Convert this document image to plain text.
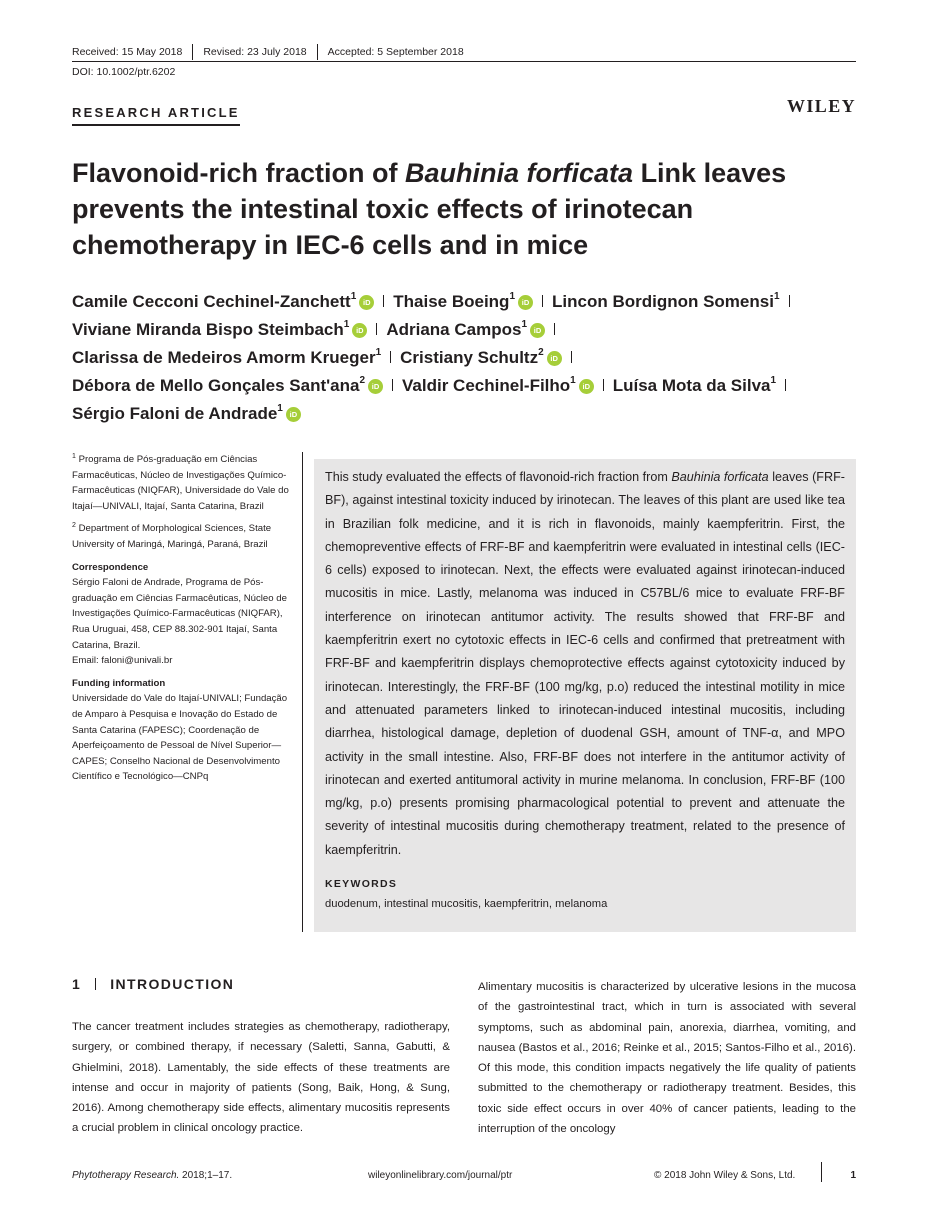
Received: 15 May 2018 Revised: 23 July 2018 Accepted: 5 September 2018
DOI: 10.1002/ptr.6202
RESEARCH ARTICLE	WILEY
Flavonoid-rich fraction of Bauhinia forficata Link leaves prevents the intestinal toxic effects of irinotecan chemotherapy in IEC-6 cells and in mice
Camile Cecconi Cechinel-Zanchett$^1$iD Thaise Boeing$^1$iD Lincon Bordignon Somensi$^1$
Viviane Miranda Bispo Steimbach$^1$iD Adriana Campos$^1$iD
Clarissa de Medeiros Amorm Krueger$^1$ Cristiany Schultz$^2$iD
Débora de Mello Gonçales Sant'ana$^2$iD Valdir Cechinel-Filho$^1$iD Luísa Mota da Silva$^1$
Sérgio Faloni de Andrade$^1$iD

$^1$ Programa de Pós-graduação em Ciências Farmacêuticas, Núcleo de Investigações Químico-Farmacêuticas (NIQFAR), Universidade do Vale do Itajaí—UNIVALI, Itajaí, Santa Catarina, Brazil

$^2$ Department of Morphological Sciences, State University of Maringá, Maringá, Paraná, Brazil

Correspondence
Sérgio Faloni de Andrade, Programa de Pós-graduação em Ciências Farmacêuticas, Núcleo de Investigações Químico-Farmacêuticas (NIQFAR), Rua Uruguai, 458, CEP 88.302-901 Itajaí, Santa Catarina, Brazil.
Email: faloni@univali.br

Funding information
Universidade do Vale do Itajaí-UNIVALI; Fundação de Amparo à Pesquisa e Inovação do Estado de Santa Catarina (FAPESC); Coordenação de Aperfeiçoamento de Pessoal de Nível Superior—CAPES; Conselho Nacional de Desenvolvimento Científico e Tecnológico—CNPq

This study evaluated the effects of flavonoid-rich fraction from Bauhinia forficata leaves (FRF-BF), against intestinal toxicity induced by irinotecan. The leaves of this plant are used like tea in Brazilian folk medicine, and it is rich in flavonoids, mainly kaempferitrin. First, the chemopreventive effects of FRF-BF and kaempferitrin were evaluated in intestinal cells (IEC-6 cells) exposed to irinotecan. Next, the effects were evaluated against irinotecan-induced mucositis in mice. Lastly, melanoma was induced in C57BL/6 mice to evaluate FRF-BF interference on irinotecan antitumor activity. The results showed that FRF-BF and kaempferitrin exert no cytotoxic effects in IEC-6 cells and confirmed that pretreatment with FRF-BF and kaempferitrin displays chemoprotective effects against cytotoxicity induced by irinotecan. Interestingly, the FRF-BF (100 mg/kg, p.o) reduced the intestinal motility in mice and attenuated parameters linked to irinotecan-induced intestinal mucositis, including diarrhea, histological damage, depletion of duodenal GSH, amount of TNF-α, and MPO activity in the small intestine. Also, FRF-BF does not interfere in the antitumor activity of irinotecan and exerted antitumoral activity in murine melanoma. In conclusion, FRF-BF (100 mg/kg, p.o) presents promising pharmacological potential to prevent and attenuate the severity of intestinal mucositis during chemotherapy treatment, related to the presence of kaempferitrin.
KEYWORDS
duodenum, intestinal mucositis, kaempferitrin, melanoma
1 INTRODUCTION
The cancer treatment includes strategies as chemotherapy, radiotherapy, surgery, or combined therapy, if necessary (Saletti, Sanna, Gabutti, & Ghielmini, 2018). Lamentably, the side effects of these treatments are intense and occur in majority of patients (Song, Baik, Hong, & Sung, 2016). Among chemotherapy side effects, alimentary mucositis represents a crucial problem in clinical oncology practice.
Alimentary mucositis is characterized by ulcerative lesions in the mucosa of the gastrointestinal tract, which in turn is associated with several symptoms, such as abdominal pain, anorexia, diarrhea, vomiting, and nausea (Bastos et al., 2016; Reinke et al., 2015; Santos-Filho et al., 2016). Of this mode, this condition impacts negatively the life quality of patients submitted to the chemotherapy or radiotherapy treatment. Besides, this toxic side effect occurs in over 40% of cancer patients, leading to the interruption of the oncology
Phytotherapy Research. 2018;1–17.	wileyonlinelibrary.com/journal/ptr	© 2018 John Wiley & Sons, Ltd.	1
